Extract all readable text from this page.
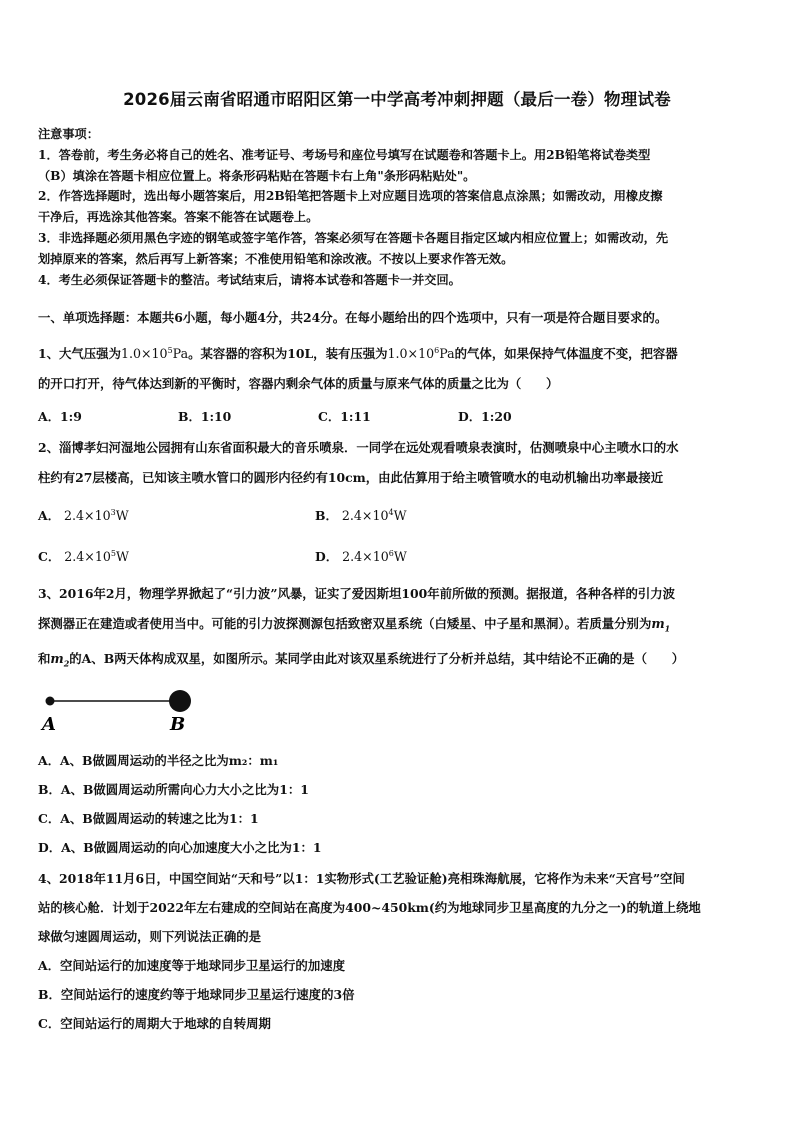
2026届云南省昭通市昭阳区第一中学高考冲刺押题（最后一卷）物理试卷

注意事项：

1．答卷前，考生务必将自己的姓名、准考证号、考场号和座位号填写在试题卷和答题卡上。用2B铅笔将试卷类型

（B）填涂在答题卡相应位置上。将条形码粘贴在答题卡右上角"条形码粘贴处"。

2．作答选择题时，选出每小题答案后，用2B铅笔把答题卡上对应题目选项的答案信息点涂黑；如需改动，用橡皮擦

干净后，再选涂其他答案。答案不能答在试题卷上。

3．非选择题必须用黑色字迹的钢笔或签字笔作答，答案必须写在答题卡各题目指定区域内相应位置上；如需改动，先

划掉原来的答案，然后再写上新答案；不准使用铅笔和涂改液。不按以上要求作答无效。

4．考生必须保证答题卡的整洁。考试结束后，请将本试卷和答题卡一并交回。

一、单项选择题：本题共6小题，每小题4分，共24分。在每小题给出的四个选项中，只有一项是符合题目要求的。

1、大气压强为$1.0\times 10^5Pa$。某容器的容积为10L，装有压强为$1.0\times 10^6Pa$的气体，如果保持气体温度不变，把容器

的开口打开，待气体达到新的平衡时，容器内剩余气体的质量与原来气体的质量之比为（　　）

A．1:9	B．1:10	C．1:11	D．1:20

2、淄博孝妇河湿地公园拥有山东省面积最大的音乐喷泉．一同学在远处观看喷泉表演时，估测喷泉中心主喷水口的水

柱约有27层楼高，已知该主喷水管口的圆形内径约有10cm，由此估算用于给主喷管喷水的电动机输出功率最接近

A． $2.4\times 10^3W$	B． $2.4\times 10^4W$
C． $2.4\times 10^5W$	D． $2.4\times 10^6W$

3、2016年2月，物理学界掀起了“引力波”风暴，证实了爱因斯坦100年前所做的预测。据报道，各种各样的引力波

探测器正在建造或者使用当中。可能的引力波探测源包括致密双星系统（白矮星、中子星和黑洞）。若质量分别为$m_1$

和$m_2$的A、B两天体构成双星，如图所示。某同学由此对该双星系统进行了分析并总结，其中结论不正确的是（　　）

A	B

A．A、B做圆周运动的半径之比为m₂：m₁

B．A、B做圆周运动所需向心力大小之比为1：1

C．A、B做圆周运动的转速之比为1：1

D．A、B做圆周运动的向心加速度大小之比为1：1

4、2018年11月6日，中国空间站“天和号”以1：1实物形式(工艺验证舱)亮相珠海航展，它将作为未来“天宫号”空间

站的核心舱．计划于2022年左右建成的空间站在高度为400~450km(约为地球同步卫星高度的九分之一)的轨道上绕地

球做匀速圆周运动，则下列说法正确的是

A．空间站运行的加速度等于地球同步卫星运行的加速度

B．空间站运行的速度约等于地球同步卫星运行速度的3倍

C．空间站运行的周期大于地球的自转周期
